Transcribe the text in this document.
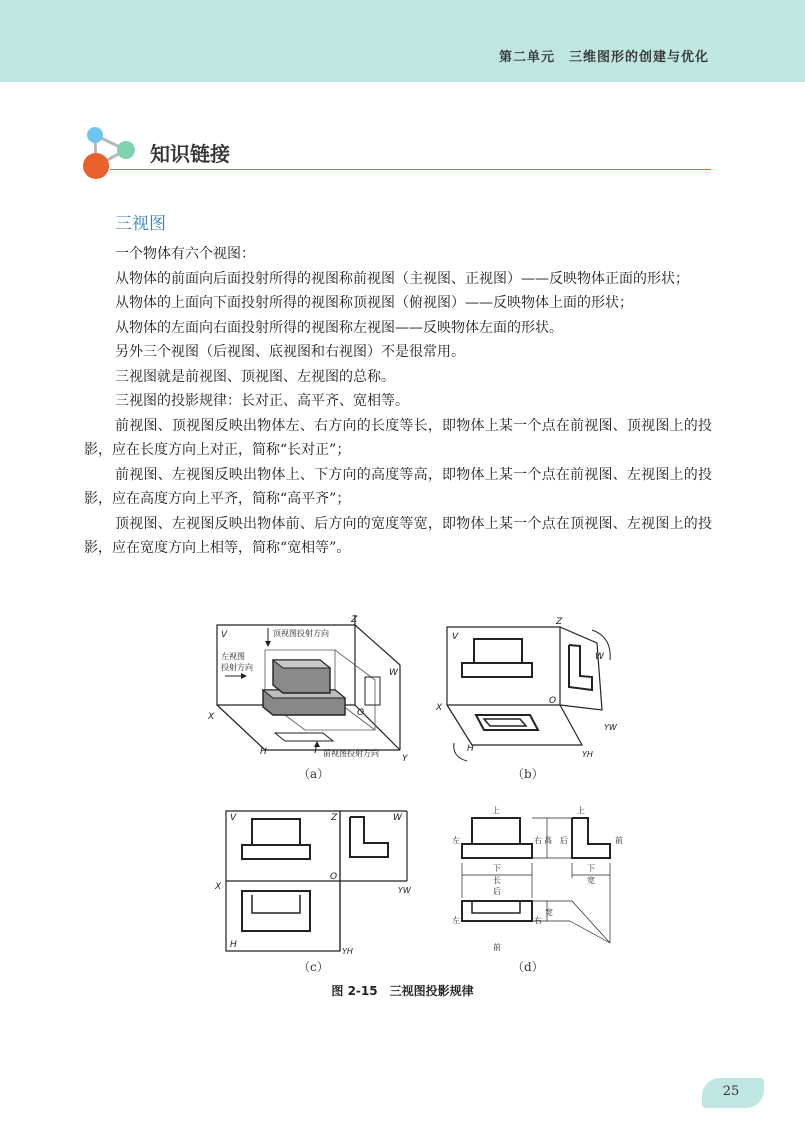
第二单元　三维图形的创建与优化
知识链接
三视图

一个物体有六个视图：

从物体的前面向后面投射所得的视图称前视图（主视图、正视图）——反映物体正面的形状；

从物体的上面向下面投射所得的视图称顶视图（俯视图）——反映物体上面的形状；

从物体的左面向右面投射所得的视图称左视图——反映物体左面的形状。

另外三个视图（后视图、底视图和右视图）不是很常用。

三视图就是前视图、顶视图、左视图的总称。

三视图的投影规律：长对正、高平齐、宽相等。

前视图、顶视图反映出物体左、右方向的长度等长，即物体上某一个点在前视图、顶视图上的投影，应在长度方向上对正，简称“长对正”；

前视图、左视图反映出物体上、下方向的高度等高，即物体上某一个点在前视图、左视图上的投影，应在高度方向上平齐，简称“高平齐”；

顶视图、左视图反映出物体前、后方向的宽度等宽，即物体上某一个点在顶视图、左视图上的投影，应在宽度方向上相等，简称“宽相等”。

顶视图投射方向
左视图
投射方向
前视图投射方向
V
Z
W
X	O
H
Y
（a）
V
Z
W
X
O
H
YH
YW
（b）
V	Z	W
X
O
H
YW
YH
（c）
上	上
左	右 高 后	前
下
长
后
下
宽
左	右
宽
前
（d）
图 2-15　三视图投影规律
25
